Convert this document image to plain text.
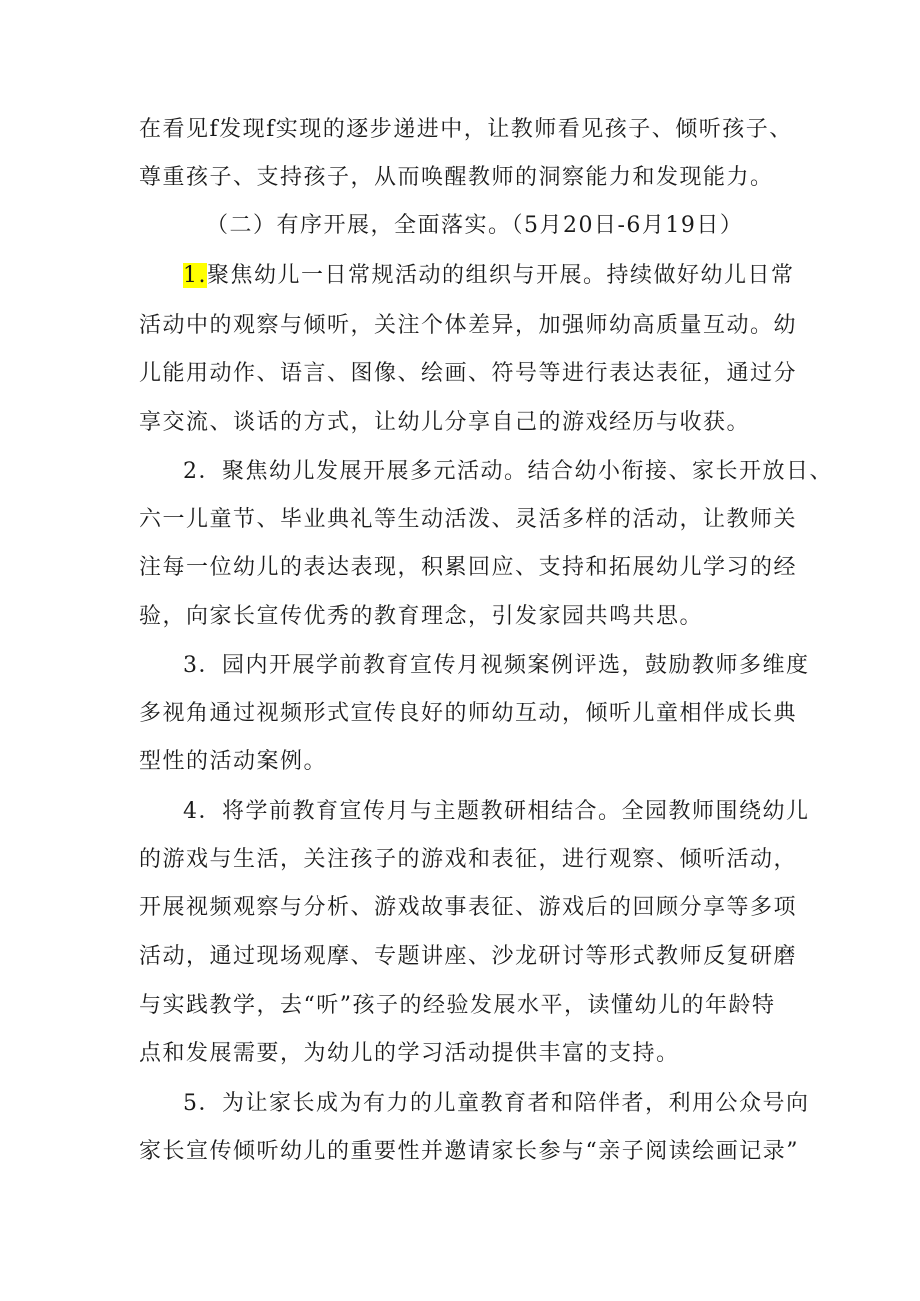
在看见f发现f实现的逐步递进中，让教师看见孩子、倾听孩子、
尊重孩子、支持孩子，从而唤醒教师的洞察能力和发现能力。
（二）有序开展，全面落实。（5月20日-6月19日）
1.聚焦幼儿一日常规活动的组织与开展。持续做好幼儿日常
活动中的观察与倾听，关注个体差异，加强师幼高质量互动。幼
儿能用动作、语言、图像、绘画、符号等进行表达表征，通过分
享交流、谈话的方式，让幼儿分享自己的游戏经历与收获。
2．聚焦幼儿发展开展多元活动。结合幼小衔接、家长开放日、
六一儿童节、毕业典礼等生动活泼、灵活多样的活动，让教师关
注每一位幼儿的表达表现，积累回应、支持和拓展幼儿学习的经
验，向家长宣传优秀的教育理念，引发家园共鸣共思。
3．园内开展学前教育宣传月视频案例评选，鼓励教师多维度
多视角通过视频形式宣传良好的师幼互动，倾听儿童相伴成长典
型性的活动案例。
4．将学前教育宣传月与主题教研相结合。全园教师围绕幼儿
的游戏与生活，关注孩子的游戏和表征，进行观察、倾听活动，
开展视频观察与分析、游戏故事表征、游戏后的回顾分享等多项
活动，通过现场观摩、专题讲座、沙龙研讨等形式教师反复研磨
与实践教学，去“听”孩子的经验发展水平，读懂幼儿的年龄特
点和发展需要，为幼儿的学习活动提供丰富的支持。
5．为让家长成为有力的儿童教育者和陪伴者，利用公众号向
家长宣传倾听幼儿的重要性并邀请家长参与“亲子阅读绘画记录”
